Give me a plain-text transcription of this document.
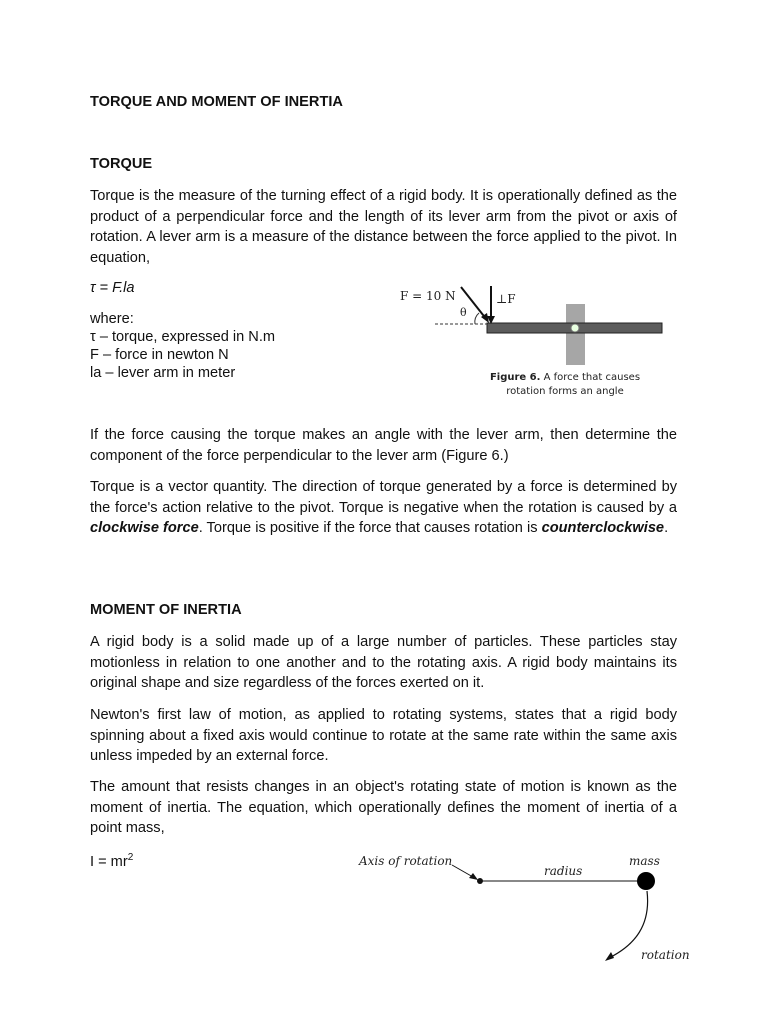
TORQUE AND MOMENT OF INERTIA

TORQUE

Torque is the measure of the turning effect of a rigid body. It is operationally defined as the product of a perpendicular force and the length of its lever arm from the pivot or axis of rotation. A lever arm is a measure of the distance between the force applied to the pivot. In equation,

τ = F.la

where:

τ – torque, expressed in N.m

F – force in newton N

la – lever arm in meter

If the force causing the torque makes an angle with the lever arm, then determine the component of the force perpendicular to the lever arm (Figure 6.)

Torque is a vector quantity. The direction of torque generated by a force is determined by the force's action relative to the pivot. Torque is negative when the rotation is caused by a clockwise force. Torque is positive if the force that causes rotation is counterclockwise.

MOMENT OF INERTIA

A rigid body is a solid made up of a large number of particles. These particles stay motionless in relation to one another and to the rotating axis. A rigid body maintains its original shape and size regardless of the forces exerted on it.

Newton's first law of motion, as applied to rotating systems, states that a rigid body spinning about a fixed axis would continue to rotate at the same rate within the same axis unless impeded by an external force.

The amount that resists changes in an object's rotating state of motion is known as the moment of inertia. The equation, which operationally defines the moment of inertia of a point mass,

$I = mr^2$

F = 10 N	⊥F
θ
Figure 6. A force that causes
rotation forms an angle
Axis of rotation	mass
radius
rotation
